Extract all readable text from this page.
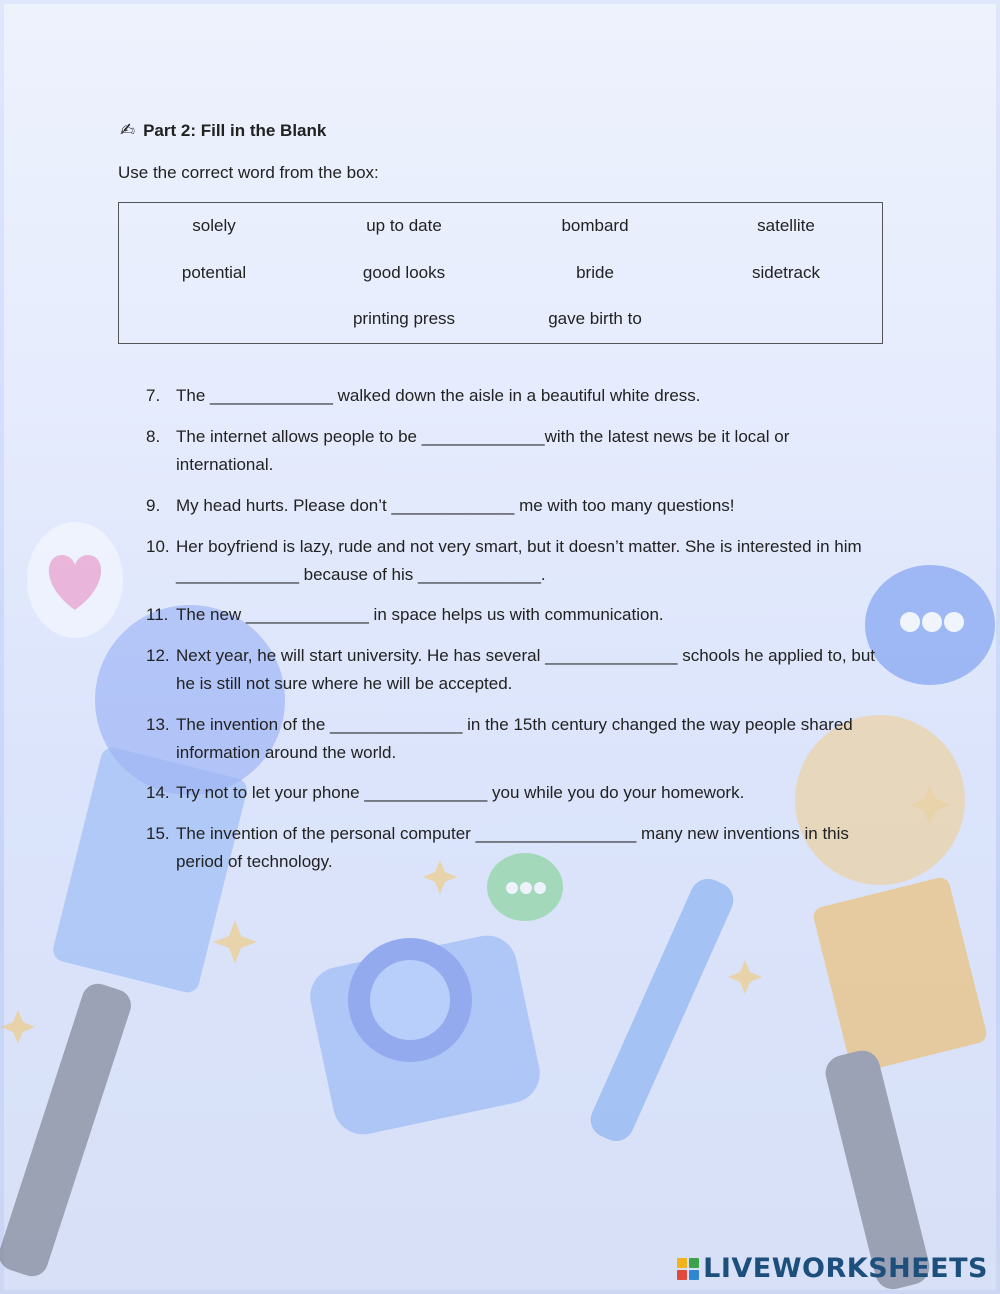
✍ Part 2: Fill in the Blank
Use the correct word from the box:
solely	up to date	bombard	satellite
potential	good looks	bride	sidetrack
printing press	gave birth to
7. The _____________ walked down the aisle in a beautiful white dress.
8. The internet allows people to be _____________with the latest news be it local or international.
9. My head hurts. Please don’t _____________ me with too many questions!
10. Her boyfriend is lazy, rude and not very smart, but it doesn’t matter. She is interested in him _____________ because of his _____________.
11. The new _____________ in space helps us with communication.
12. Next year, he will start university. He has several ______________ schools he applied to, but he is still not sure where he will be accepted.
13. The invention of the ______________ in the 15th century changed the way people shared information around the world.
14. Try not to let your phone _____________ you while you do your homework.
15. The invention of the personal computer _________________ many new inventions in this period of technology.
LIVEWORKSHEETS
